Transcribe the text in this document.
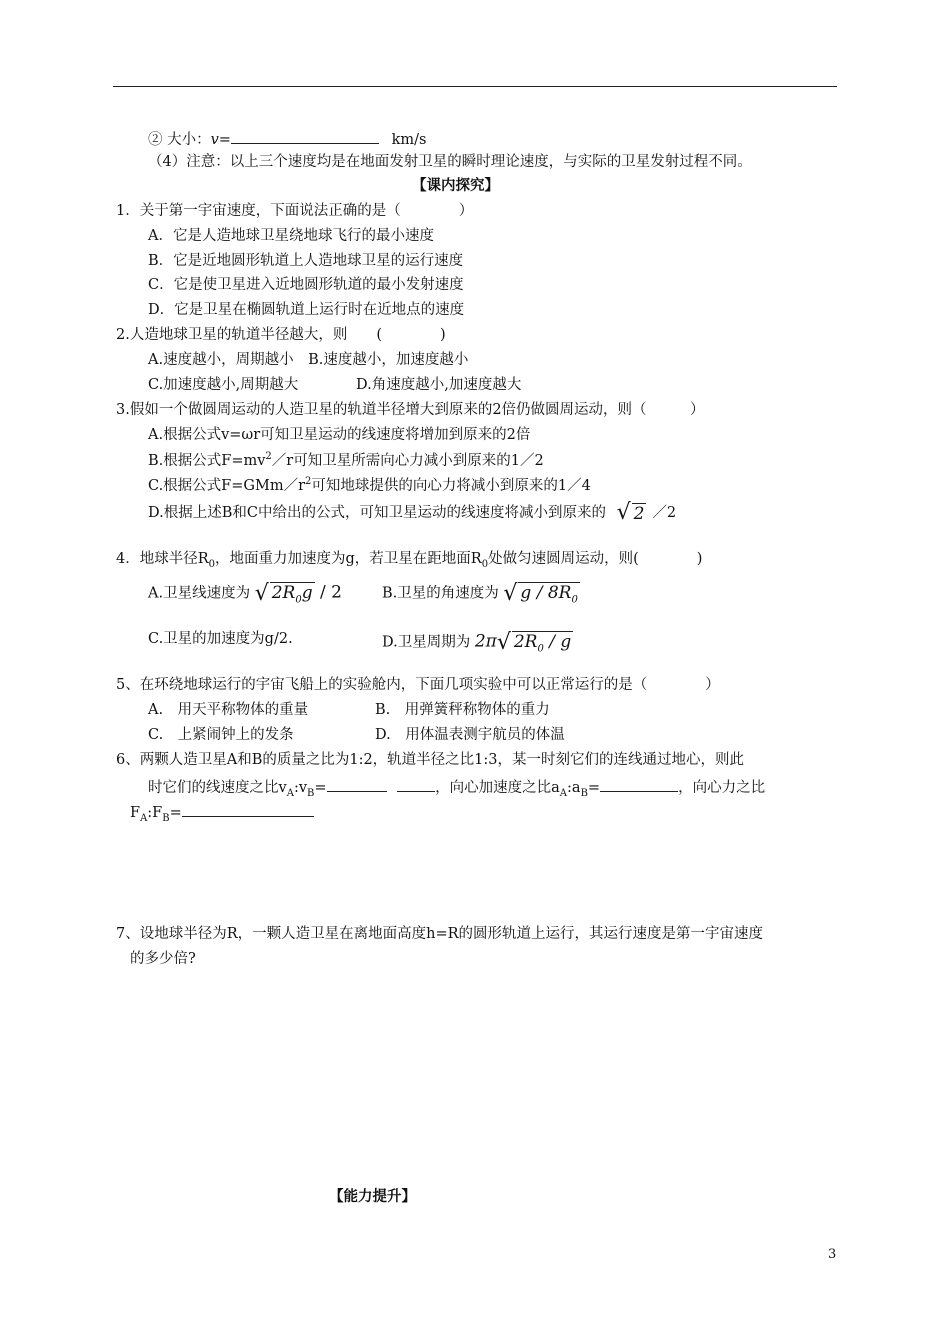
② 大小：v=	km/s
（4）注意：以上三个速度均是在地面发射卫星的瞬时理论速度，与实际的卫星发射过程不同。
【课内探究】
1．关于第一宇宙速度，下面说法正确的是（　　　　）
A．它是人造地球卫星绕地球飞行的最小速度
B．它是近地圆形轨道上人造地球卫星的运行速度
C．它是使卫星进入近地圆形轨道的最小发射速度
D．它是卫星在椭圆轨道上运行时在近地点的速度
2.人造地球卫星的轨道半径越大，则　　(　　　　)
A.速度越小，周期越小　B.速度越小，加速度越小
C.加速度越小,周期越大	D.角速度越小,加速度越大
3.假如一个做圆周运动的人造卫星的轨道半径增大到原来的2倍仍做圆周运动，则（　　　）
A.根据公式v=ωr可知卫星运动的线速度将增加到原来的2倍
B.根据公式$F=mv^2/r$可知卫星所需向心力减小到原来的1／2
C.根据公式$F=GMm/r^2$可知地球提供的向心力将减小到原来的1／4
D.根据上述B和C中给出的公式，可知卫星运动的线速度将减小到原来的 √ 2 ／2
4．地球半径$R_0$，地面重力加速度为g，若卫星在距地面$R_0$处做匀速圆周运动，则(　　　　)
A.卫星线速度为 √ $2R_0g / 2$	B.卫星的角速度为 √ g / $8R_0$
C.卫星的加速度为g/2.	D.卫星周期为 2π √ $2R_0$ / g
5、在环绕地球运行的宇宙飞船上的实验舱内，下面几项实验中可以正常运行的是（　　　　）
A.　用天平称物体的重量	B.　用弹簧秤称物体的重力
C.　上紧闹钟上的发条	D.　用体温表测宇航员的体温
6、两颗人造卫星A和B的质量之比为1:2，轨道半径之比1:3，某一时刻它们的连线通过地心，则此
时它们的线速度之比$v_A:v_B=$	，向心加速度之比$a_A:a_B=$	，向心力之比
$F_A:F_B=$
7、设地球半径为R，一颗人造卫星在离地面高度h=R的圆形轨道上运行，其运行速度是第一宇宙速度
的多少倍?
【能力提升】
3
